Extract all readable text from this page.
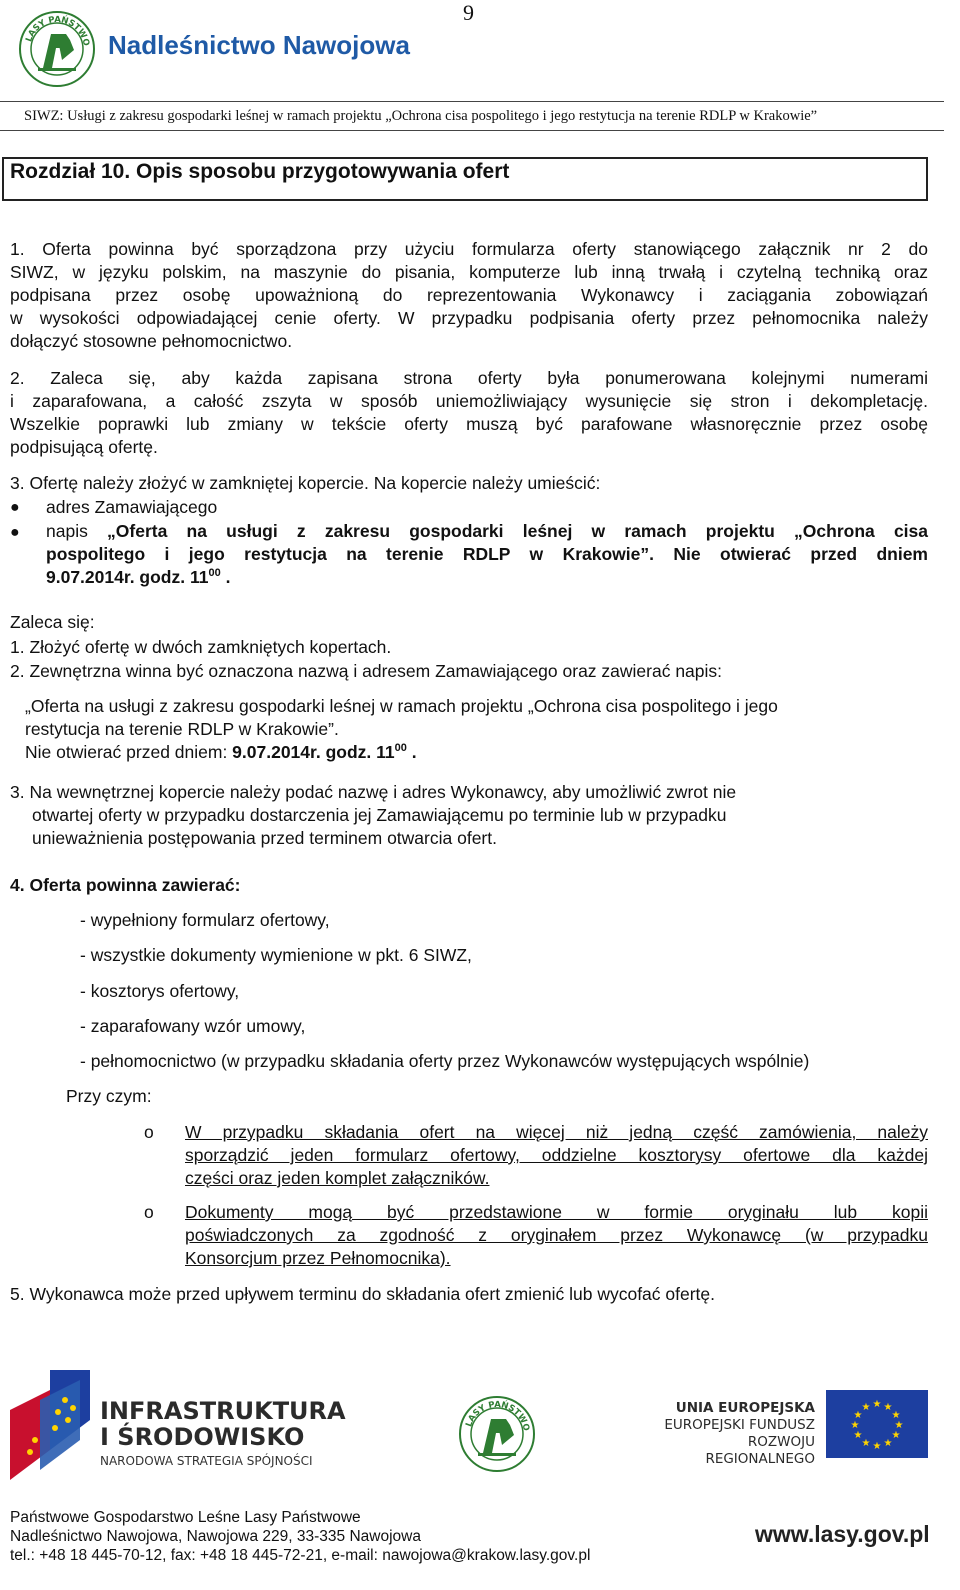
LASY PAŃSTWO Nadleśnictwo Nawojowa
9
SIWZ: Usługi z zakresu gospodarki leśnej w ramach projektu „Ochrona cisa pospolitego i jego restytucja na terenie RDLP w Krakowie”
Rozdział 10. Opis sposobu przygotowywania ofert
1. Oferta powinna być sporządzona przy użyciu formularza oferty stanowiącego załącznik nr 2 do
SIWZ, w języku polskim, na maszynie do pisania, komputerze lub inną trwałą i czytelną techniką oraz
podpisana przez osobę upoważnioną do reprezentowania Wykonawcy i zaciągania zobowiązań
w wysokości odpowiadającej cenie oferty. W przypadku podpisania oferty przez pełnomocnika należy
dołączyć stosowne pełnomocnictwo.
2. Zaleca się, aby każda zapisana strona oferty była ponumerowana kolejnymi numerami
i zaparafowana, a całość zszyta w sposób uniemożliwiający wysunięcie się stron i dekompletację.
Wszelkie poprawki lub zmiany w tekście oferty muszą być parafowane własnoręcznie przez osobę
podpisującą ofertę.
3. Ofertę należy złożyć w zamkniętej kopercie. Na kopercie należy umieścić:
● adres Zamawiającego
● napis „Oferta na usługi z zakresu gospodarki leśnej w ramach projektu „Ochrona cisa
pospolitego i jego restytucja na terenie RDLP w Krakowie”. Nie otwierać przed dniem
9.07.2014r. godz. $11^{00}$ .
Zaleca się:
1. Złożyć ofertę w dwóch zamkniętych kopertach.
2. Zewnętrzna winna być oznaczona nazwą i adresem Zamawiającego oraz zawierać napis:
„Oferta na usługi z zakresu gospodarki leśnej w ramach projektu „Ochrona cisa pospolitego i jego
restytucja na terenie RDLP w Krakowie”.
Nie otwierać przed dniem: 9.07.2014r. godz. $11^{00}$ .
3. Na wewnętrznej kopercie należy podać nazwę i adres Wykonawcy, aby umożliwić zwrot nie
otwartej oferty w przypadku dostarczenia jej Zamawiającemu po terminie lub w przypadku
unieważnienia postępowania przed terminem otwarcia ofert.
4. Oferta powinna zawierać:
- wypełniony formularz ofertowy,
- wszystkie dokumenty wymienione w pkt. 6 SIWZ,
- kosztorys ofertowy,
- zaparafowany wzór umowy,
- pełnomocnictwo (w przypadku składania oferty przez Wykonawców występujących wspólnie)
Przy czym:
o W przypadku składania ofert na więcej niż jedną część zamówienia, należy
sporządzić jeden formularz ofertowy, oddzielne kosztorysy ofertowe dla każdej
części oraz jeden komplet załączników.
o Dokumenty mogą być przedstawione w formie oryginału lub kopii
poświadczonych za zgodność z oryginałem przez Wykonawcę (w przypadku
Konsorcjum przez Pełnomocnika).
5. Wykonawca może przed upływem terminu do składania ofert zmienić lub wycofać ofertę.
INFRASTRUKTURA
I ŚRODOWISKO
NARODOWA STRATEGIA SPÓJNOŚCI
LASY PAŃSTWO
UNIA EUROPEJSKA
EUROPEJSKI FUNDUSZ
ROZWOJU REGIONALNEGO
★ ★
★
★
★
★
★
★
★
★
★
★
Państwowe Gospodarstwo Leśne Lasy Państwowe
Nadleśnictwo Nawojowa, Nawojowa 229, 33-335 Nawojowa
tel.: +48 18 445-70-12, fax: +48 18 445-72-21, e-mail: nawojowa@krakow.lasy.gov.pl
www.lasy.gov.pl
